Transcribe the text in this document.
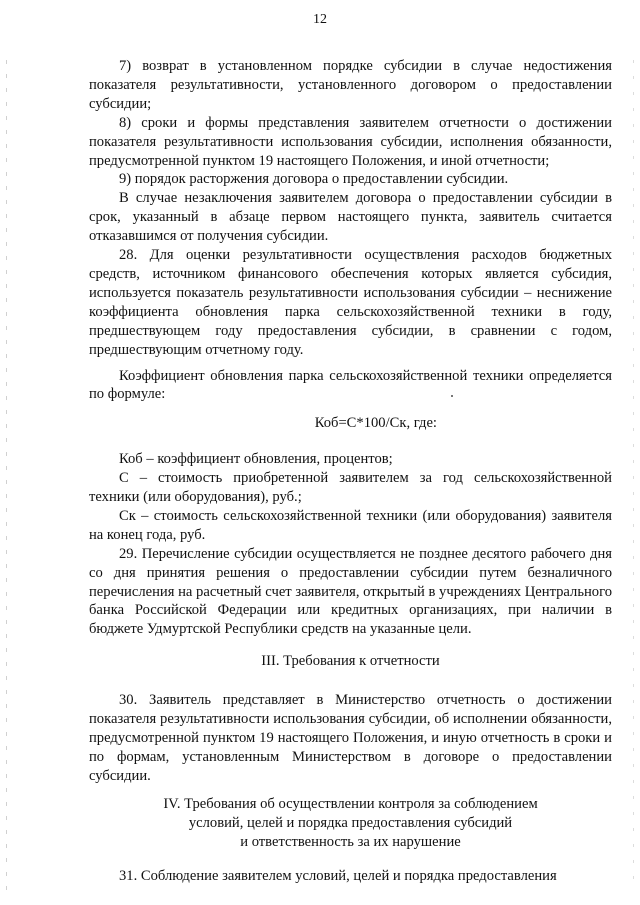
12

7) возврат в установленном порядке субсидии в случае недостижения показателя результативности, установленного договором о предоставлении субсидии;

8) сроки и формы представления заявителем отчетности о достижении показателя результативности использования субсидии, исполнения обязанности, предусмотренной пунктом 19 настоящего Положения, и иной отчетности;

9) порядок расторжения договора о предоставлении субсидии.

В случае незаключения заявителем договора о предоставлении субсидии в срок, указанный в абзаце первом настоящего пункта, заявитель считается отказавшимся от получения субсидии.

28. Для оценки результативности осуществления расходов бюджетных средств, источником финансового обеспечения которых является субсидия, используется показатель результативности использования субсидии – неснижение коэффициента обновления парка сельскохозяйственной техники в году, предшествующем году предоставления субсидии, в сравнении с годом, предшествующим отчетному году.

Коэффициент обновления парка сельскохозяйственной техники определяется по формуле:

Коб=С*100/Ск, где:

Коб – коэффициент обновления, процентов;

С – стоимость приобретенной заявителем за год сельскохозяйственной техники (или оборудования), руб.;

Ск – стоимость сельскохозяйственной техники (или оборудования) заявителя на конец года, руб.

29. Перечисление субсидии осуществляется не позднее десятого рабочего дня со дня принятия решения о предоставлении субсидии путем безналичного перечисления на расчетный счет заявителя, открытый в учреждениях Центрального банка Российской Федерации или кредитных организациях, при наличии в бюджете Удмуртской Республики средств на указанные цели.

III. Требования к отчетности

30. Заявитель представляет в Министерство отчетность о достижении показателя результативности использования субсидии, об исполнении обязанности, предусмотренной пунктом 19 настоящего Положения, и иную отчетность в сроки и по формам, установленным Министерством в договоре о предоставлении субсидии.

IV. Требования об осуществлении контроля за соблюдением

условий, целей и порядка предоставления субсидий

и ответственность за их нарушение

31. Соблюдение заявителем условий, целей и порядка предоставления
